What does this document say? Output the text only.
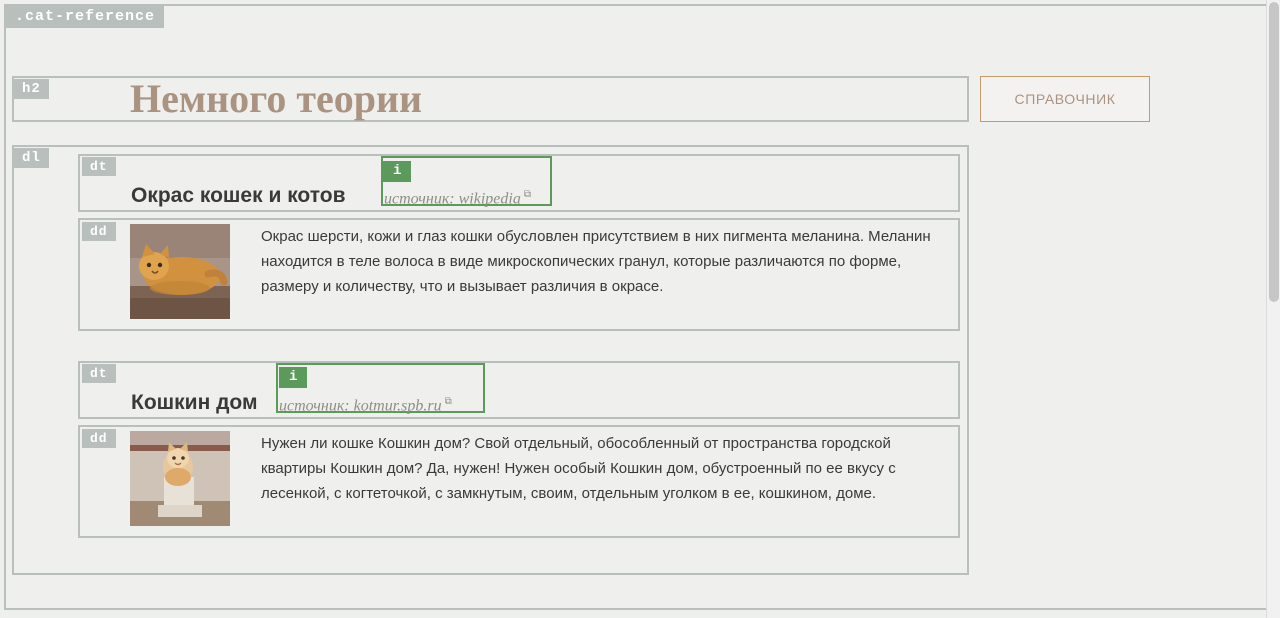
.cat-reference
h2 Немного теории	СПРАВОЧНИК
dl
dt
Окрас кошек и котов
i
источник: wikipedia ⧉
dd	Окрас шерсти, кожи и глаз кошки обусловлен присутствием в них пигмента меланина. Меланин находится в теле волоса в виде микроскопических гранул, которые различаются по форме, размеру и количеству, что и вызывает различия в окрасе.
dt
Кошкин дом
i
источник: kotmur.spb.ru ⧉
dd	Нужен ли кошке Кошкин дом? Свой отдельный, обособленный от пространства городской квартиры Кошкин дом? Да, нужен! Нужен особый Кошкин дом, обустроенный по ее вкусу с лесенкой, с когтеточкой, с замкнутым, своим, отдельным уголком в ее, кошкином, доме.
